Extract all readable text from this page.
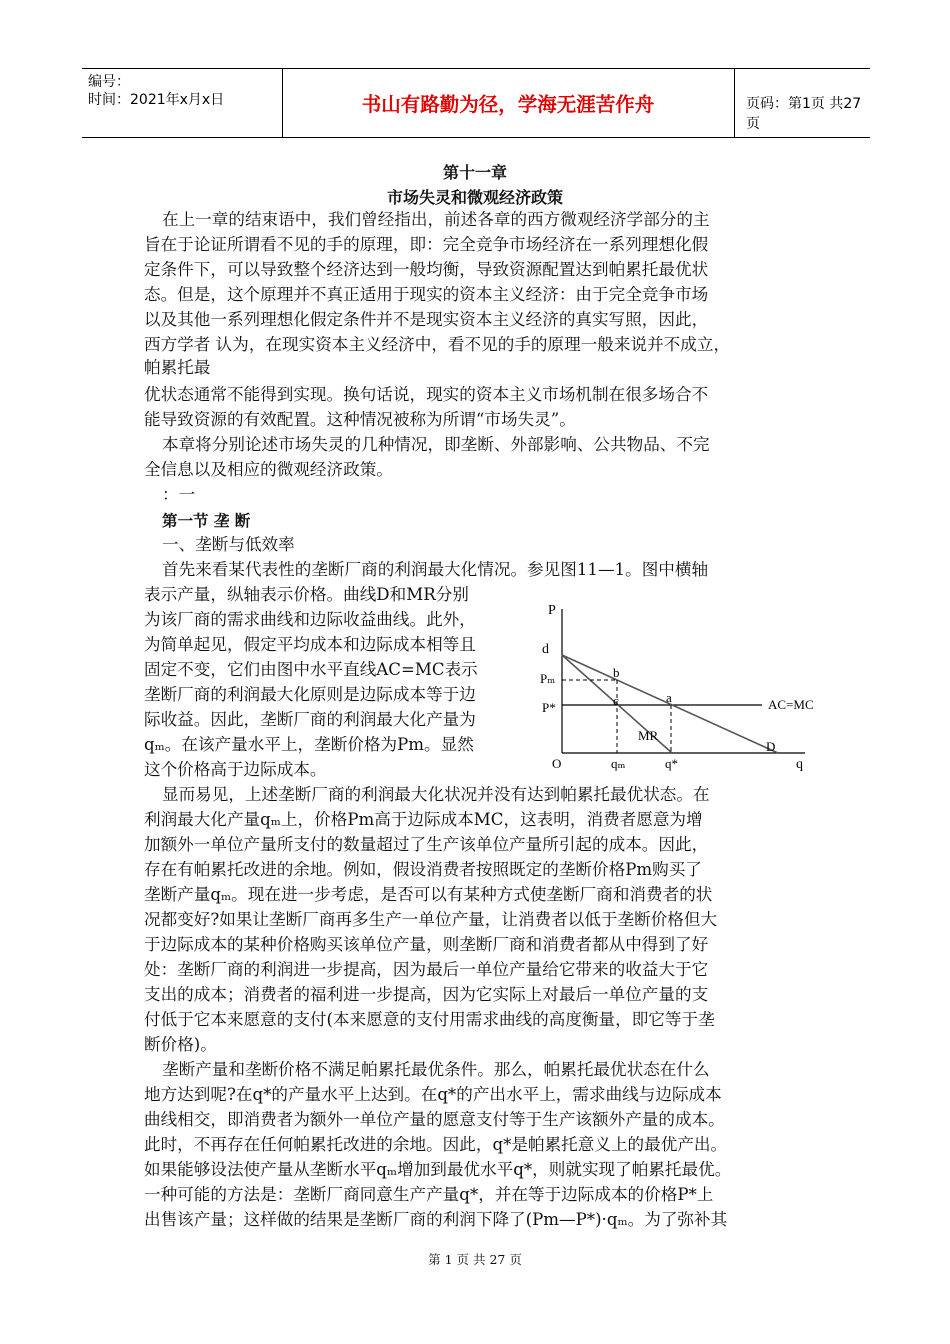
编号：
时间：2021年x月x日	书山有路勤为径，学海无涯苦作舟	页码：第1页 共27页
第十一章
市场失灵和微观经济政策
在上一章的结束语中，我们曾经指出，前述各章的西方微观经济学部分的主
旨在于论证所谓看不见的手的原理，即：完全竞争市场经济在一系列理想化假
定条件下，可以导致整个经济达到一般均衡，导致资源配置达到帕累托最优状
态。但是，这个原理并不真正适用于现实的资本主义经济：由于完全竞争市场
以及其他一系列理想化假定条件并不是现实资本主义经济的真实写照，因此，
西方学者 认为，在现实资本主义经济中，看不见的手的原理一般来说并不成立，
帕累托最
优状态通常不能得到实现。换句话说，现实的资本主义市场机制在很多场合不
能导致资源的有效配置。这种情况被称为所谓“市场失灵”。
本章将分别论述市场失灵的几种情况，即垄断、外部影响、公共物品、不完
全信息以及相应的微观经济政策。
：一
第一节 垄 断
一、垄断与低效率
首先来看某代表性的垄断厂商的利润最大化情况。参见图11—1。图中横轴
表示产量，纵轴表示价格。曲线D和MR分别
为该厂商的需求曲线和边际收益曲线。此外，
为简单起见，假定平均成本和边际成本相等且
固定不变，它们由图中水平直线AC=MC表示
垄断厂商的利润最大化原则是边际成本等于边
际收益。因此，垄断厂商的利润最大化产量为
qₘ。在该产量水平上，垄断价格为Pm。显然
这个价格高于边际成本。
显而易见，上述垄断厂商的利润最大化状况并没有达到帕累托最优状态。在
利润最大化产量qₘ上，价格Pm高于边际成本MC，这表明，消费者愿意为增
加额外一单位产量所支付的数量超过了生产该单位产量所引起的成本。因此，
存在有帕累托改进的余地。例如，假设消费者按照既定的垄断价格Pm购买了
垄断产量qₘ。现在进一步考虑，是否可以有某种方式使垄断厂商和消费者的状
况都变好?如果让垄断厂商再多生产一单位产量，让消费者以低于垄断价格但大
于边际成本的某种价格购买该单位产量，则垄断厂商和消费者都从中得到了好
处：垄断厂商的利润进一步提高，因为最后一单位产量给它带来的收益大于它
支出的成本；消费者的福利进一步提高，因为它实际上对最后一单位产量的支
付低于它本来愿意的支付(本来愿意的支付用需求曲线的高度衡量，即它等于垄
断价格)。
垄断产量和垄断价格不满足帕累托最优条件。那么，帕累托最优状态在什么
地方达到呢?在q*的产量水平上达到。在q*的产出水平上，需求曲线与边际成本
曲线相交，即消费者为额外一单位产量的愿意支付等于生产该额外产量的成本。
此时，不再存在任何帕累托改进的余地。因此，q*是帕累托意义上的最优产出。
如果能够设法使产量从垄断水平qₘ增加到最优水平q*，则就实现了帕累托最优。
一种可能的方法是：垄断厂商同意生产产量q*，并在等于边际成本的价格P*上
出售该产量；这样做的结果是垄断厂商的利润下降了(Pm—P*)·qₘ。为了弥补其
P
d
Pₘ
P*
O	qₘ	q*	q
b
c	a
MR
D
AC=MC
第 1 页 共 27 页
